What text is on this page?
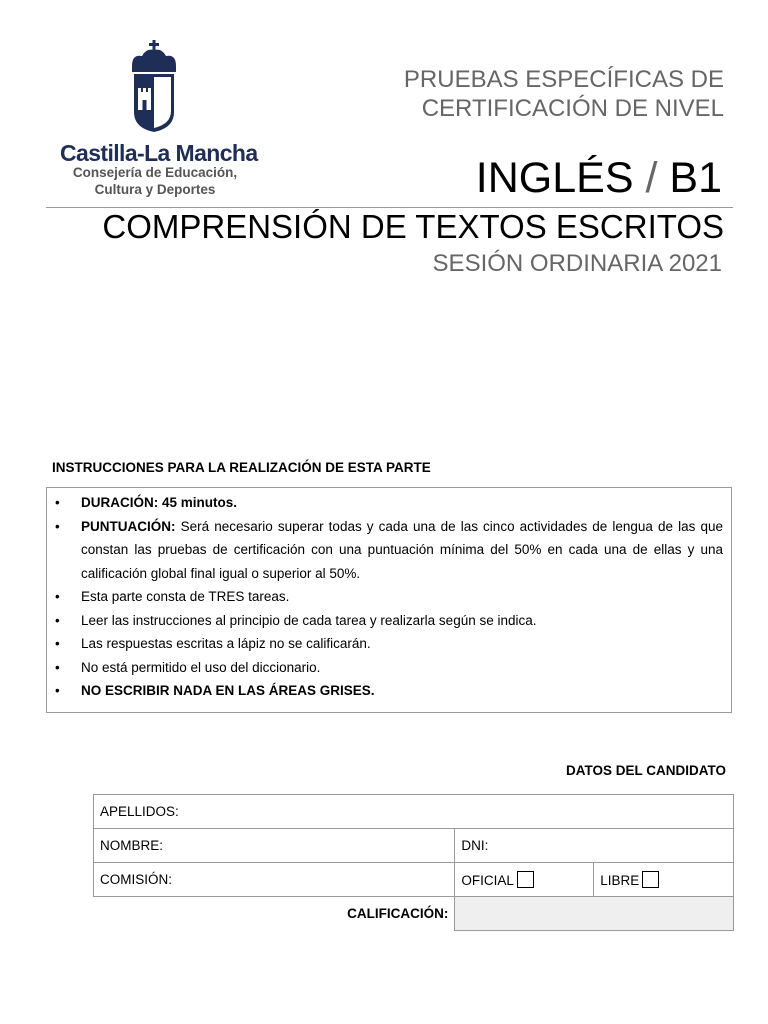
Castilla-La Mancha
Consejería de Educación,
Cultura y Deportes
PRUEBAS ESPECÍFICAS DE
CERTIFICACIÓN DE NIVEL
INGLÉS / B1
COMPRENSIÓN DE TEXTOS ESCRITOS
SESIÓN ORDINARIA 2021
INSTRUCCIONES PARA LA REALIZACIÓN DE ESTA PARTE
• DURACIÓN: 45 minutos.
• PUNTUACIÓN: Será necesario superar todas y cada una de las cinco actividades de lengua de las que constan las pruebas de certificación con una puntuación mínima del 50% en cada una de ellas y una calificación global final igual o superior al 50%.
• Esta parte consta de TRES tareas.
• Leer las instrucciones al principio de cada tarea y realizarla según se indica.
• Las respuestas escritas a lápiz no se calificarán.
• No está permitido el uso del diccionario.
• NO ESCRIBIR NADA EN LAS ÁREAS GRISES.
DATOS DEL CANDIDATO
APELLIDOS:		
NOMBRE:	DNI:	
COMISIÓN:	OFICIAL	LIBRE
CALIFICACIÓN:		
